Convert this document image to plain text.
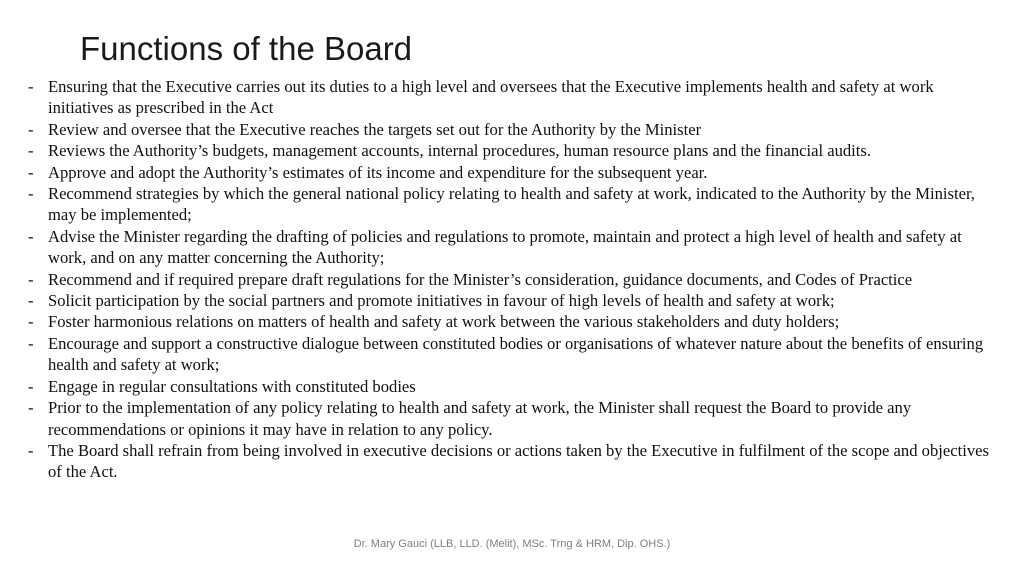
Functions of the Board
- Ensuring that the Executive carries out its duties to a high level and oversees that the Executive implements health and safety at work initiatives as prescribed in the Act
- Review and oversee that the Executive reaches the targets set out for the Authority by the Minister
- Reviews the Authority’s budgets, management accounts, internal procedures, human resource plans and the financial audits.
- Approve and adopt the Authority’s estimates of its income and expenditure for the subsequent year.
- Recommend strategies by which the general national policy relating to health and safety at work, indicated to the Authority by the Minister, may be implemented;
- Advise the Minister regarding the drafting of policies and regulations to promote, maintain and protect a high level of health and safety at work, and on any matter concerning the Authority;
- Recommend and if required prepare draft regulations for the Minister’s consideration, guidance documents, and Codes of Practice
- Solicit participation by the social partners and promote initiatives in favour of high levels of health and safety at work;
- Foster harmonious relations on matters of health and safety at work between the various stakeholders and duty holders;
- Encourage and support a constructive dialogue between constituted bodies or organisations of whatever nature about the benefits of ensuring health and safety at work;
- Engage in regular consultations with constituted bodies
- Prior to the implementation of any policy relating to health and safety at work, the Minister shall request the Board to provide any recommendations or opinions it may have in relation to any policy.
- The Board shall refrain from being involved in executive decisions or actions taken by the Executive in fulfilment of the scope and objectives of the Act.
Dr. Mary Gauci (LLB, LLD. (Melit), MSc. Trng & HRM, Dip. OHS.)
